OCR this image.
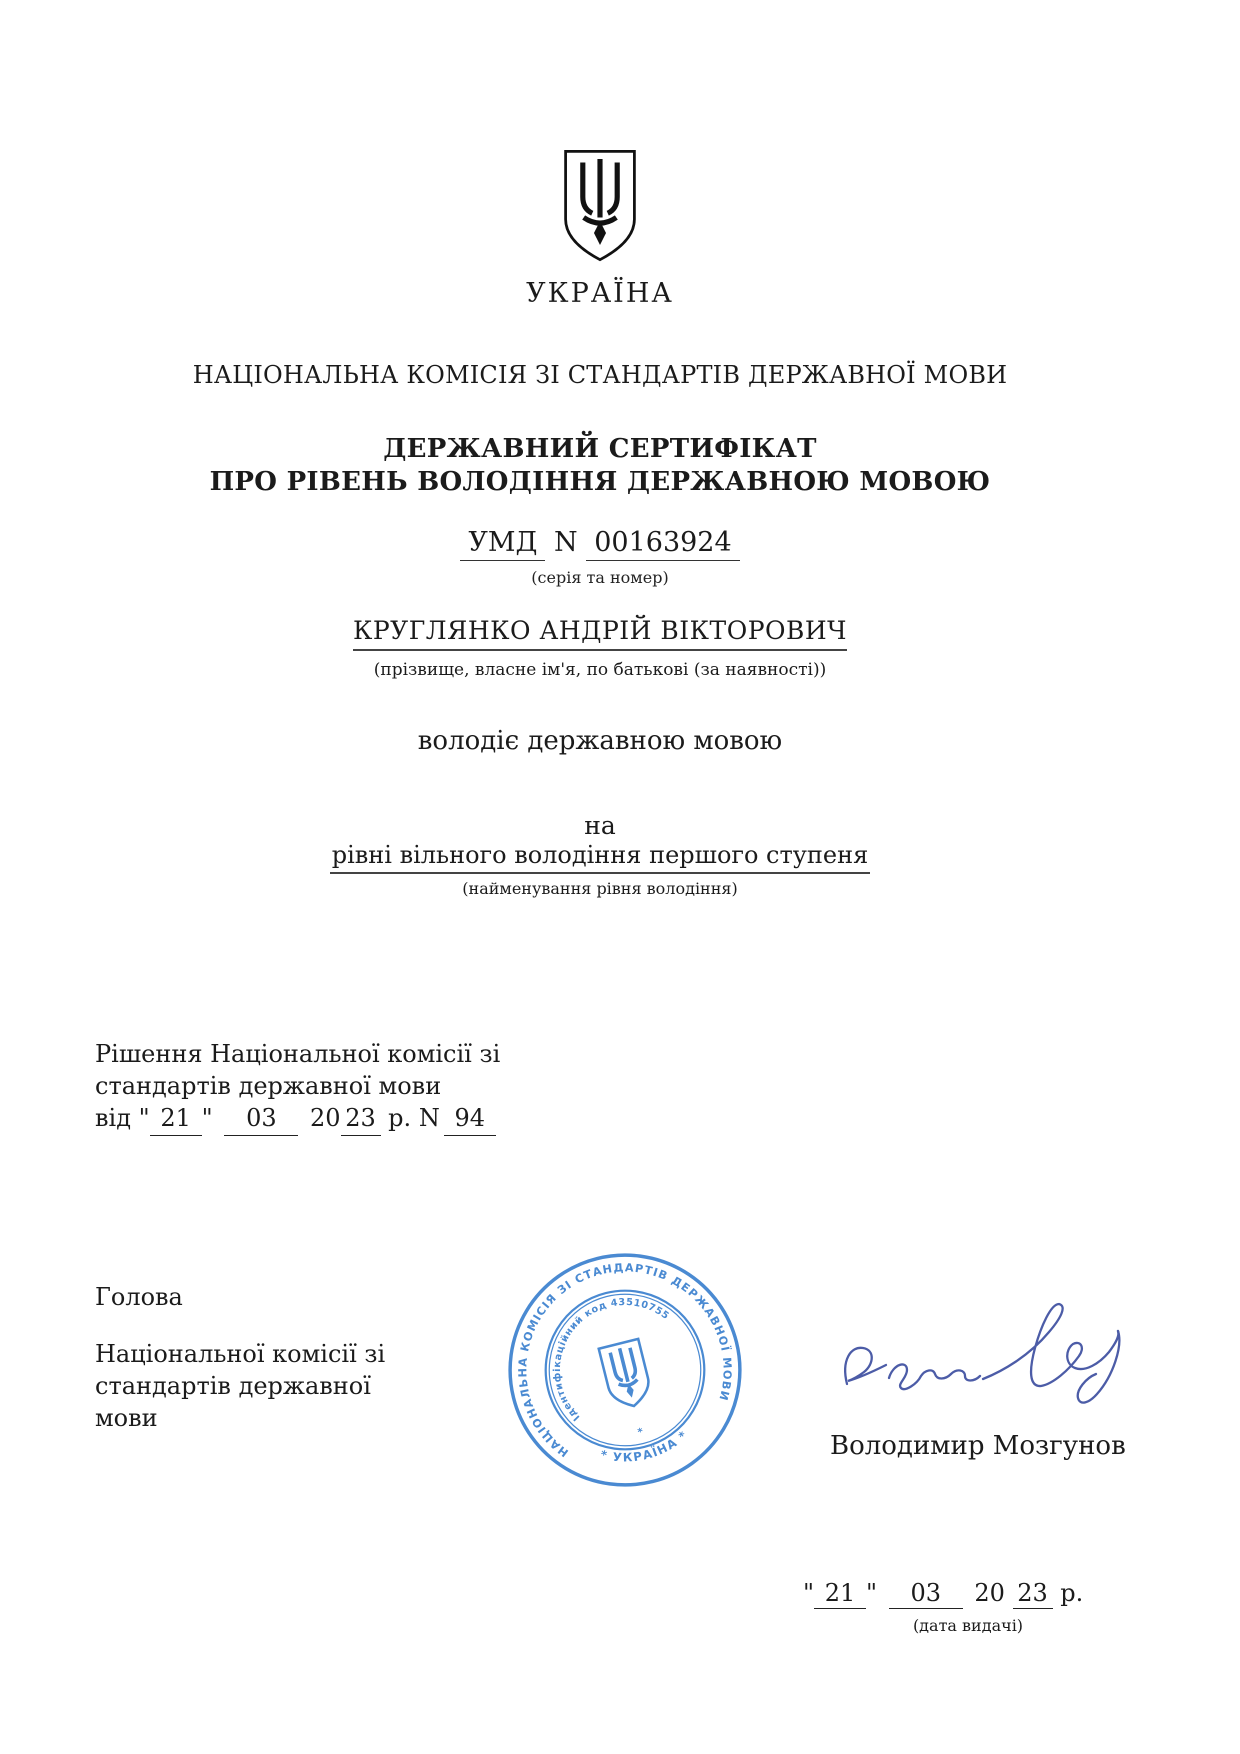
УКРАЇНА
НАЦІОНАЛЬНА КОМІСІЯ ЗІ СТАНДАРТІВ ДЕРЖАВНОЇ МОВИ
ДЕРЖАВНИЙ СЕРТИФІКАТ
ПРО РІВЕНЬ ВОЛОДІННЯ ДЕРЖАВНОЮ МОВОЮ
УМД N 00163924
(серія та номер)
КРУГЛЯНКО АНДРІЙ ВІКТОРОВИЧ
(прізвище, власне ім'я, по батькові (за наявності))
володіє державною мовою
на
рівні вільного володіння першого ступеня
(найменування рівня володіння)
Рішення Національної комісії зі
стандартів державної мови
від " 21 " 03 20 23 р. N 94
Голова
Національної комісії зі
стандартів державної
мови
НАЦІОНАЛЬНА КОМІСІЯ ЗІ СТАНДАРТІВ ДЕРЖАВНОЇ МОВИ
* УКРАЇНА *
Ідентифікаційний код 43510755
*	Володимир Мозгунов
" 21 " 03 20 23 р.
(дата видачі)
